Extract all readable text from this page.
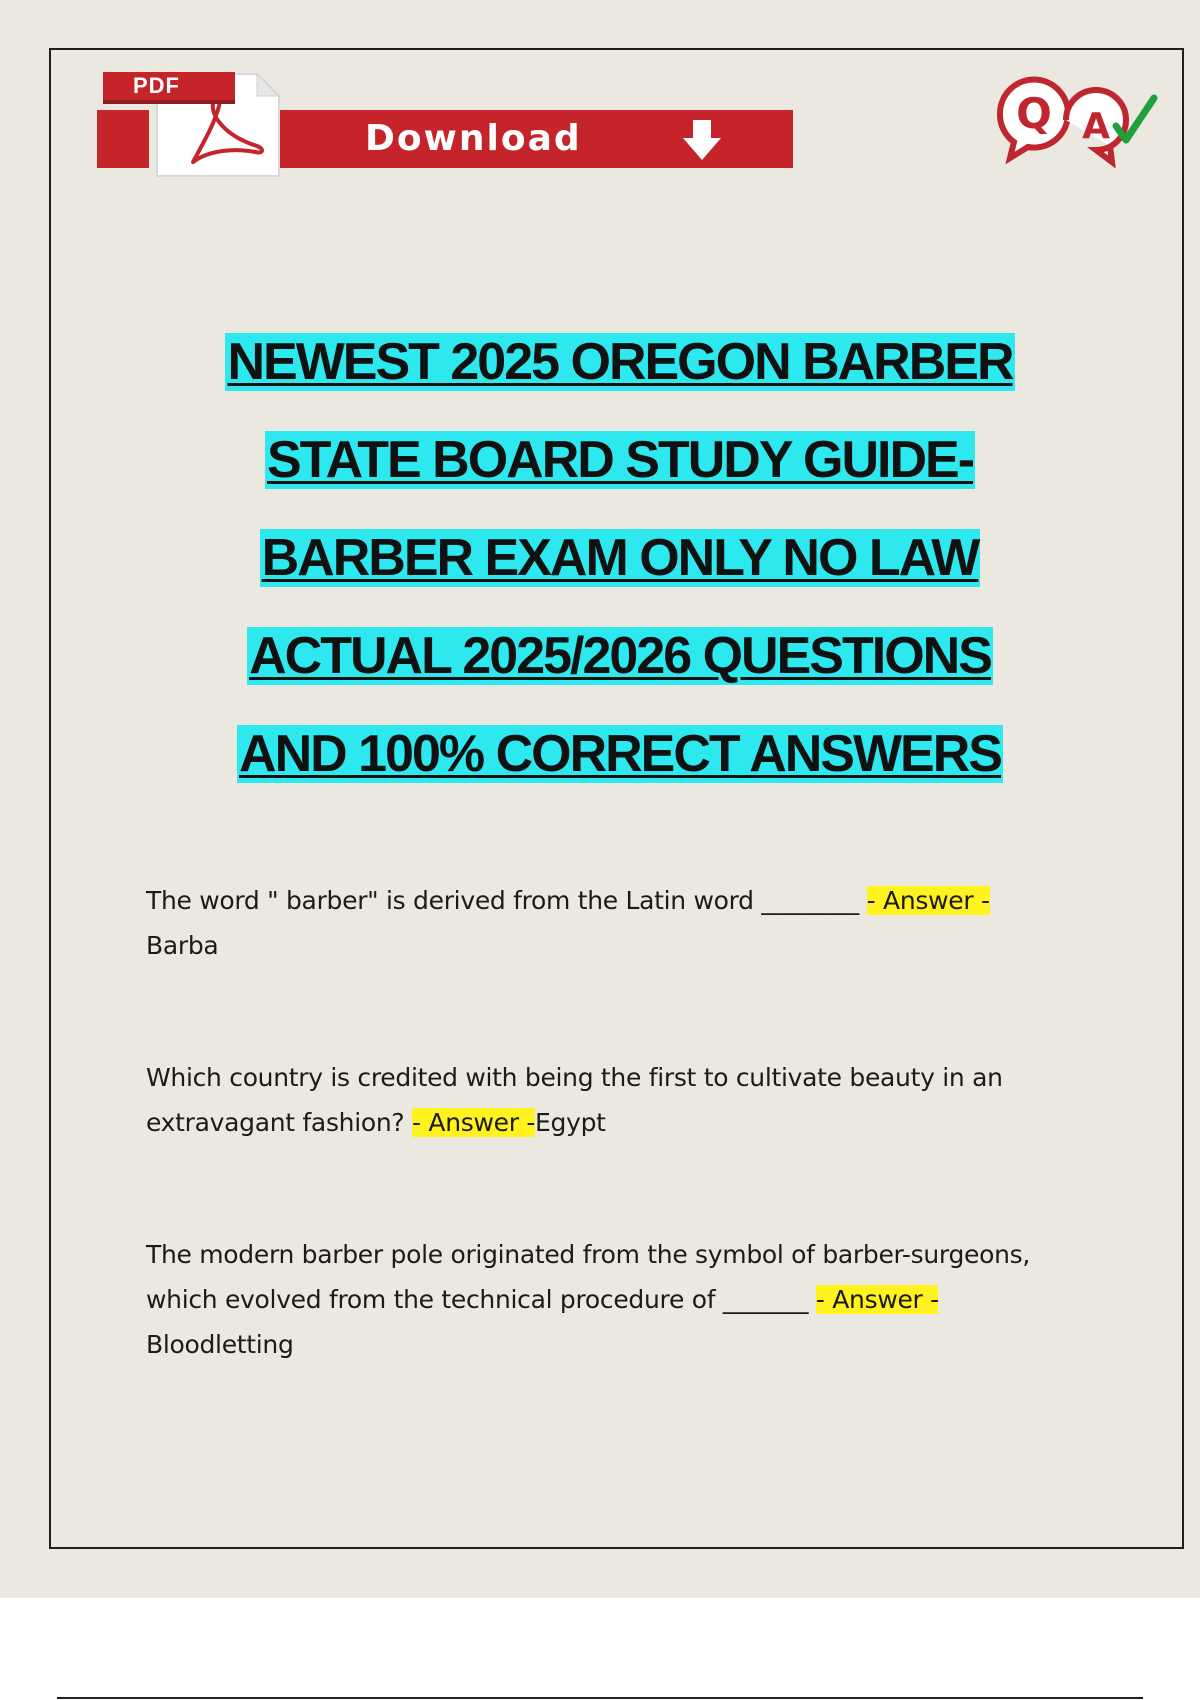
PDF
Download
Q A
NEWEST 2025 OREGON BARBER
STATE BOARD STUDY GUIDE-
BARBER EXAM ONLY NO LAW
ACTUAL 2025/2026 QUESTIONS
AND 100% CORRECT ANSWERS
The word " barber" is derived from the Latin word ________ - Answer - Barba
Which country is credited with being the first to cultivate beauty in an extravagant fashion? - Answer -Egypt
The modern barber pole originated from the symbol of barber-surgeons, which evolved from the technical procedure of _______ - Answer -Bloodletting
